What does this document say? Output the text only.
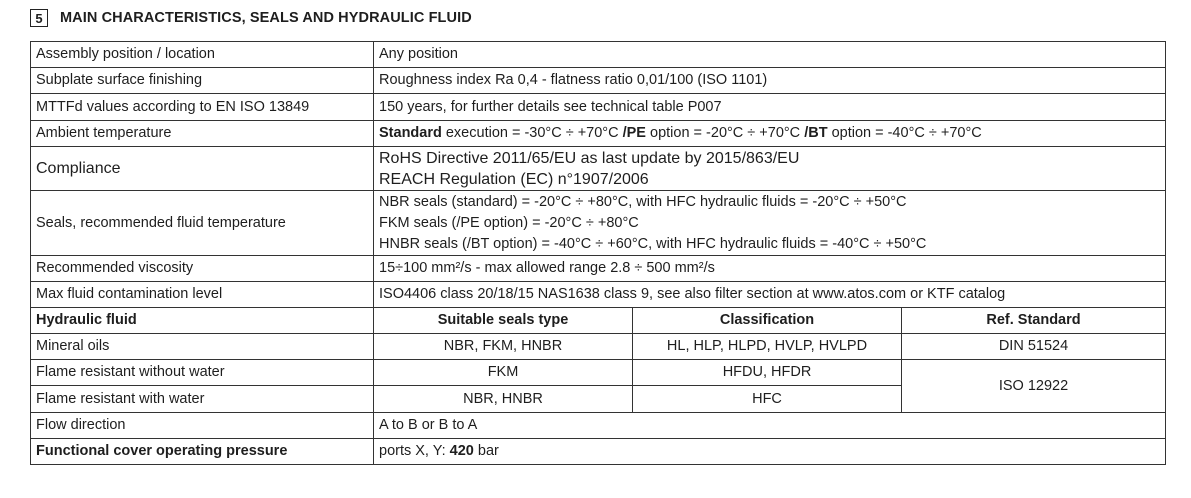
5	MAIN CHARACTERISTICS, SEALS AND HYDRAULIC FLUID
Assembly position / location	Any position		
Subplate surface finishing	Roughness index Ra 0,4 - flatness ratio 0,01/100 (ISO 1101)		
MTTFd values according to EN ISO 13849	150 years, for further details see technical table P007		
Ambient temperature	Standard execution = -30°C ÷ +70°C /PE option = -20°C ÷ +70°C /BT option = -40°C ÷ +70°C		
Compliance	RoHS Directive 2011/65/EU as last update by 2015/863/EU
REACH Regulation (EC) n°1907/2006		

Seals, recommended fluid temperature	NBR seals (standard) = -20°C ÷ +80°C, with HFC hydraulic fluids = -20°C ÷ +50°C
FKM seals (/PE option) = -20°C ÷ +80°C
HNBR seals (/BT option) = -40°C ÷ +60°C, with HFC hydraulic fluids = -40°C ÷ +50°C		

Recommended viscosity	15÷100 mm²/s - max allowed range 2.8 ÷ 500 mm²/s		
Max fluid contamination level	ISO4406 class 20/18/15 NAS1638 class 9, see also filter section at www.atos.com or KTF catalog		
Hydraulic fluid	Suitable seals type	Classification	Ref. Standard
Mineral oils	NBR, FKM, HNBR	HL, HLP, HLPD, HVLP, HVLPD	DIN 51524
Flame resistant without water	FKM	HFDU, HFDR	ISO 12922
Flame resistant with water	NBR, HNBR	HFC	
Flow direction	A to B or B to A		
Functional cover operating pressure	ports X, Y: 420 bar		
